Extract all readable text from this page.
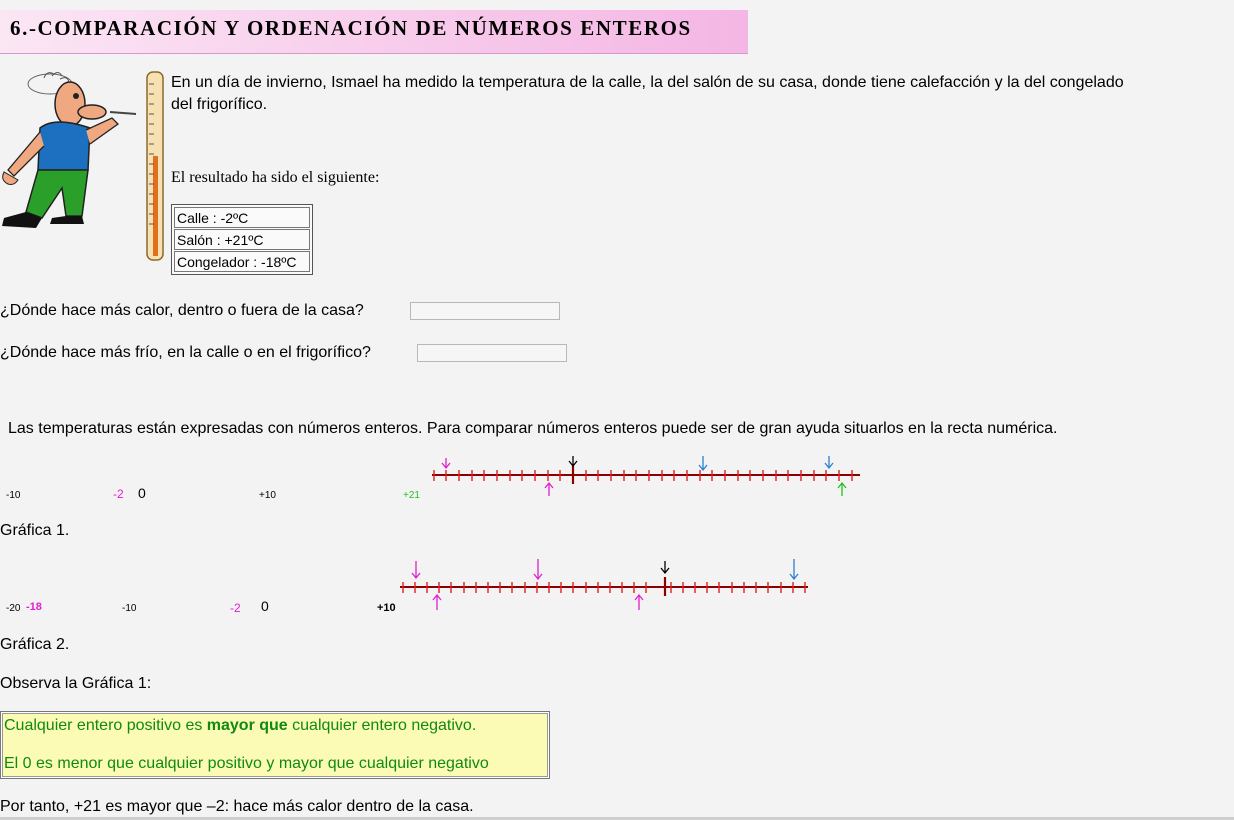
6.-COMPARACIÓN Y ORDENACIÓN DE NÚMEROS ENTEROS
En un día de invierno, Ismael ha medido la temperatura de la calle, la del salón de su casa, donde tiene calefacción y la del congelado
del frigorífico.
El resultado ha sido el siguiente:
Calle : -2ºC
Salón : +21ºC
Congelador : -18ºC
¿Dónde hace más calor, dentro o fuera de la casa?
¿Dónde hace más frío, en la calle o en el frigorífico?
Las temperaturas están expresadas con números enteros. Para comparar números enteros puede ser de gran ayuda situarlos en la recta numérica.
-10	-2 0	+10	+21
Gráfica 1.
-20 -18	-10	-2 0	+10
Gráfica 2.
Observa la Gráfica 1:
Cualquier entero positivo es mayor que cualquier entero negativo.
El 0 es menor que cualquier positivo y mayor que cualquier negativo
Por tanto, +21 es mayor que –2: hace más calor dentro de la casa.
